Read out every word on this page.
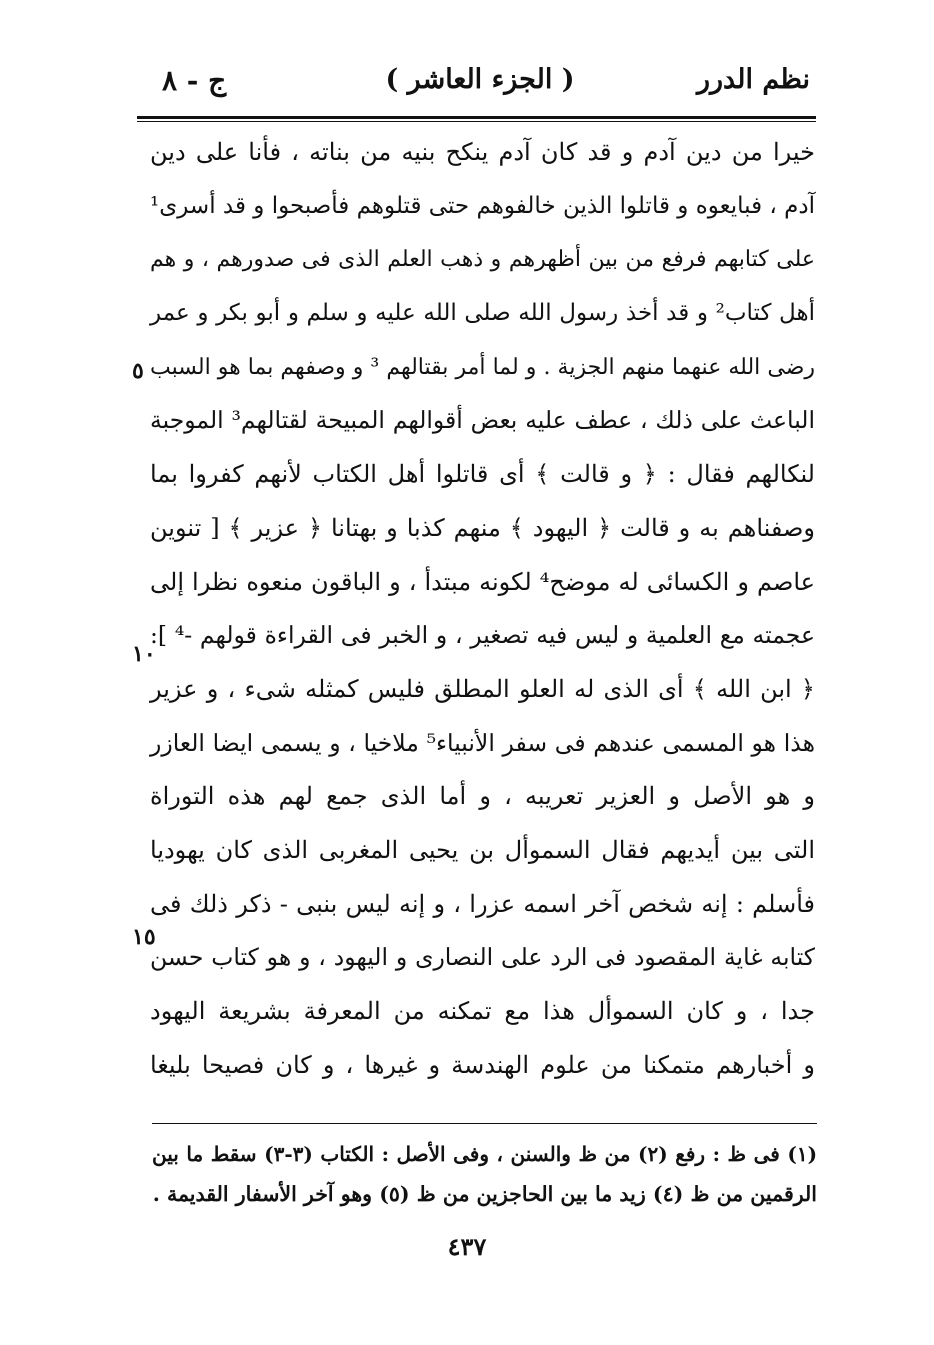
نظم الدرر
( الجزء العاشر )
ج - ٨
خيرا من دين آدم و قد كان آدم ينكح بنيه من بناته ، فأنا على دين
آدم ، فبايعوه و قاتلوا الذين خالفوهم حتى قتلوهم فأصبحوا و قد أسرى¹
على كتابهم فرفع من بين أظهرهم و ذهب العلم الذى فى صدورهم ، و هم
أهل كتاب² و قد أخذ رسول الله صلى الله عليه و سلم و أبو بكر و عمر
رضى الله عنهما منهم الجزية . و لما أمر بقتالهم ³ و وصفهم بما هو السبب
الباعث على ذلك ، عطف عليه بعض أقوالهم المبيحة لقتالهم³ الموجبة
لنكالهم فقال : ﴿ و قالت ﴾ أى قاتلوا أهل الكتاب لأنهم كفروا بما
وصفناهم به و قالت ﴿ اليهود ﴾ منهم كذبا و بهتانا ﴿ عزير ﴾ [ تنوين
عاصم و الكسائى له موضح⁴ لكونه مبتدأ ، و الباقون منعوه نظرا إلى
عجمته مع العلمية و ليس فيه تصغير ، و الخبر فى القراءة قولهم -⁴ ]:
﴿ ابن الله ﴾ أى الذى له العلو المطلق فليس كمثله شىء ، و عزير
هذا هو المسمى عندهم فى سفر الأنبياء⁵ ملاخيا ، و يسمى ايضا العازر
و هو الأصل و العزير تعريبه ، و أما الذى جمع لهم هذه التوراة
التى بين أيديهم فقال السموأل بن يحيى المغربى الذى كان يهوديا
فأسلم : إنه شخص آخر اسمه عزرا ، و إنه ليس بنبى - ذكر ذلك فى
كتابه غاية المقصود فى الرد على النصارى و اليهود ، و هو كتاب حسن
جدا ، و كان السموأل هذا مع تمكنه من المعرفة بشريعة اليهود
و أخبارهم متمكنا من علوم الهندسة و غيرها ، و كان فصيحا بليغا
٥
١٠
١٥
(١) فى ظ : رفع (٢) من ظ والسنن ، وفى الأصل : الكتاب (٣-٣) سقط ما بين
الرقمين من ظ (٤) زيد ما بين الحاجزين من ظ (٥) وهو آخر الأسفار القديمة .
٤٣٧
